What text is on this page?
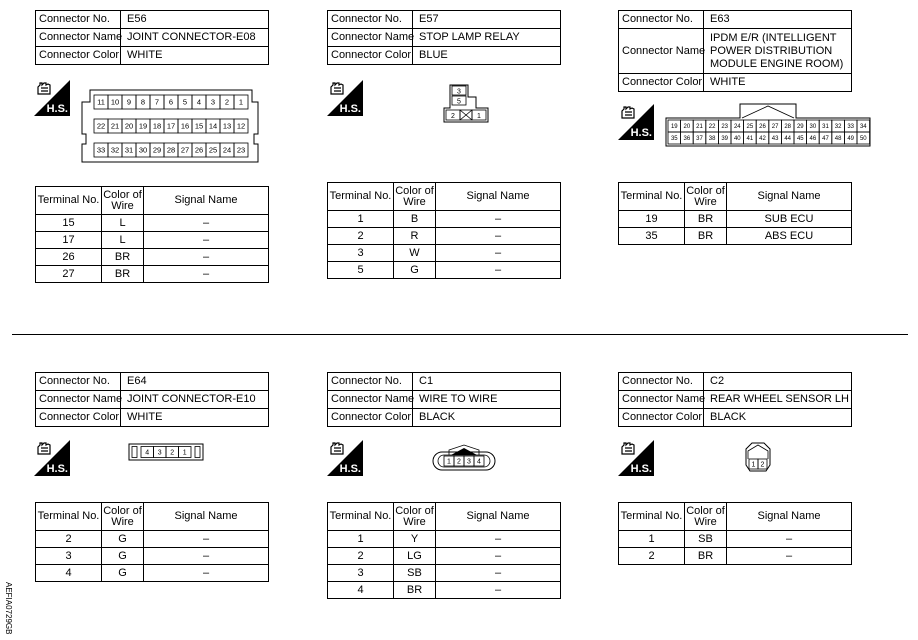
Connector No.	E56
Connector Name	JOINT CONNECTOR-E08
Connector Color	WHITE
Connector No.	E57
Connector Name	STOP LAMP RELAY
Connector Color	BLUE
Connector No.	E63
Connector Name	IPDM E/R (INTELLIGENT
POWER DISTRIBUTION
MODULE ENGINE ROOM)

Connector Color	WHITE
H.S.	H.S.
H.S.
11 10 9 8 7 6 5 4 3 2 1
22 21 20 19 18 17 16 15 14 13 12
33 32 31 30 29 28 27 26 25 24 23
3
5
2	1
19 20 21 22 23 24 25 26 27 28 29 30 31 32 33 34
35 36 37 38 39 40 41 42 43 44 45 46 47 48 49 50
Terminal No.	Color of
Wire	Signal Name
15	L	–
17	L	–
26	BR	–
27	BR	–
Terminal No.	Color of
Wire	Signal Name
1	B	–
2	R	–
3	W	–
5	G	–
Terminal No.	Color of
Wire	Signal Name
19	BR	SUB ECU
35	BR	ABS ECU
Connector No.	E64
Connector Name	JOINT CONNECTOR-E10
Connector Color	WHITE
Connector No.	C1
Connector Name	WIRE TO WIRE
Connector Color	BLACK
Connector No.	C2
Connector Name	REAR WHEEL SENSOR LH
Connector Color	BLACK
H.S.	H.S.	H.S.
4 3 2 1
1 2 3 4	1 2
Terminal No.	Color of
Wire	Signal Name
2	G	–
3	G	–
4	G	–
Terminal No.	Color of
Wire	Signal Name
1	Y	–
2	LG	–
3	SB	–
4	BR	–
Terminal No.	Color of
Wire	Signal Name
1	SB	–
2	BR	–
AEFIA0729GB
